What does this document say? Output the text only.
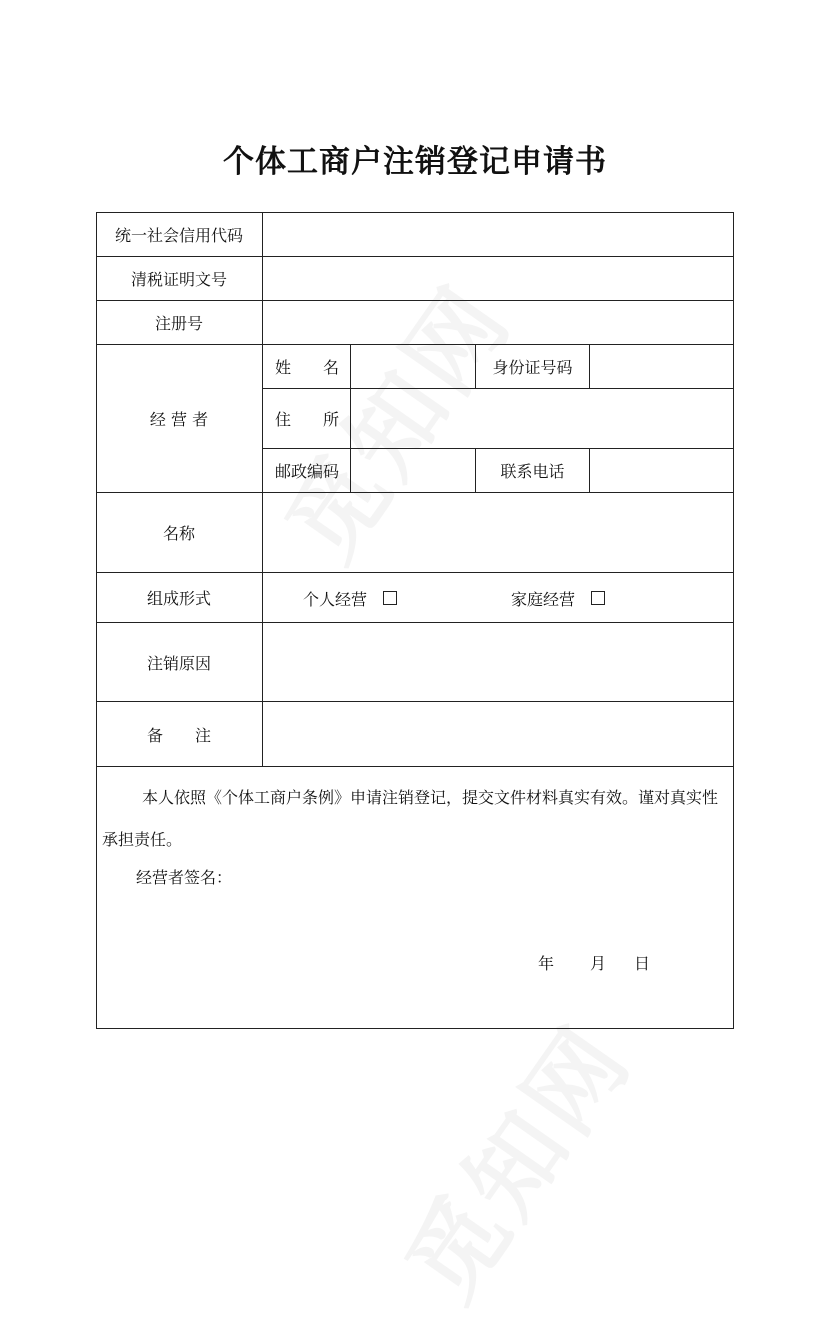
个体工商户注销登记申请书
统一社会信用代码
清税证明文号
注册号
经 营 者
姓　　名	身份证号码
住　　所
邮政编码	联系电话
名称
组成形式	个人经营	家庭经营
注销原因
备　　注
本人依照《个体工商户条例》申请注销登记，提交文件材料真实有效。谨对真实性承担责任。
经营者签名：
年 月 日
